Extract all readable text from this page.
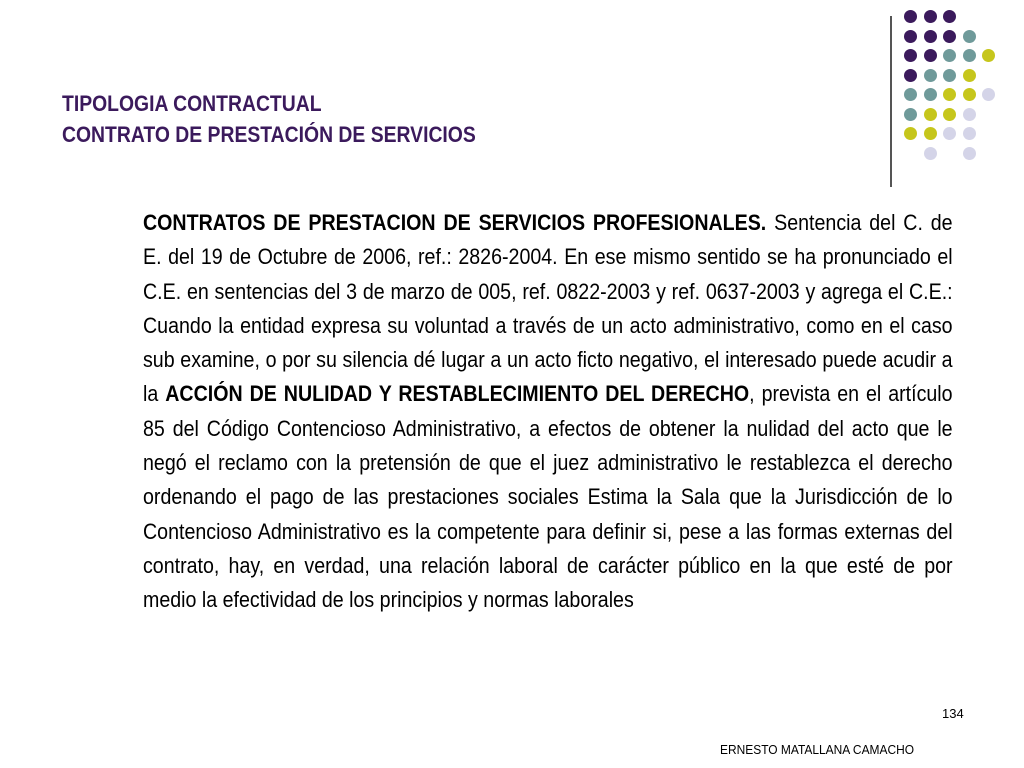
TIPOLOGIA CONTRACTUAL
CONTRATO DE PRESTACIÓN DE SERVICIOS
CONTRATOS DE PRESTACION DE SERVICIOS PROFESIONALES. Sentencia del C. de E. del 19 de Octubre de 2006, ref.: 2826-2004. En ese mismo sentido se ha pronunciado el C.E. en sentencias del 3 de marzo de 005, ref. 0822-2003 y ref. 0637-2003 y agrega el C.E.: Cuando la entidad expresa su voluntad a través de un acto administrativo, como en el caso sub examine, o por su silencia dé lugar a un acto ficto negativo, el interesado puede acudir a la ACCIÓN DE NULIDAD Y RESTABLECIMIENTO DEL DERECHO, prevista en el artículo 85 del Código Contencioso Administrativo, a efectos de obtener la nulidad del acto que le negó el reclamo con la pretensión de que el juez administrativo le restablezca el derecho ordenando el pago de las prestaciones sociales Estima la Sala que la Jurisdicción de lo Contencioso Administrativo es la competente para definir si, pese a las formas externas del contrato, hay, en verdad, una relación laboral de carácter público en la que esté de por medio la efectividad de los principios y normas laborales
134
ERNESTO MATALLANA CAMACHO
